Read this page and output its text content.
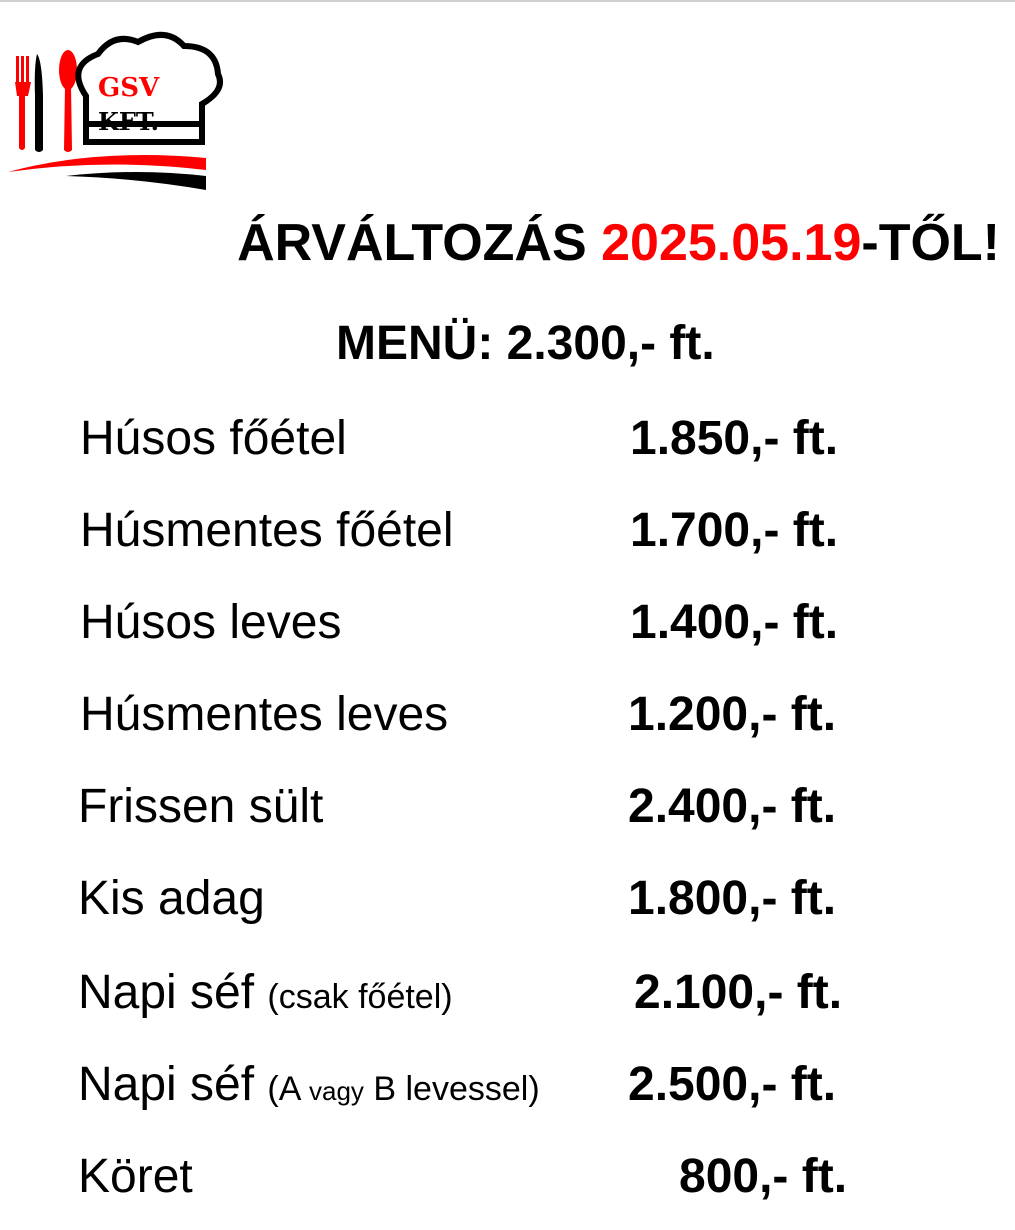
GSV
KFT.
ÁRVÁLTOZÁS 2025.05.19-TŐL!
MENÜ: 2.300,- ft.
Húsos főétel	1.850,- ft.
Húsmentes főétel	1.700,- ft.
Húsos leves	1.400,- ft.
Húsmentes leves	1.200,- ft.
Frissen sült	2.400,- ft.
Kis adag	1.800,- ft.
Napi séf (csak főétel)	2.100,- ft.
Napi séf (A vagy B levessel) 2.500,- ft.
Köret	800,- ft.
